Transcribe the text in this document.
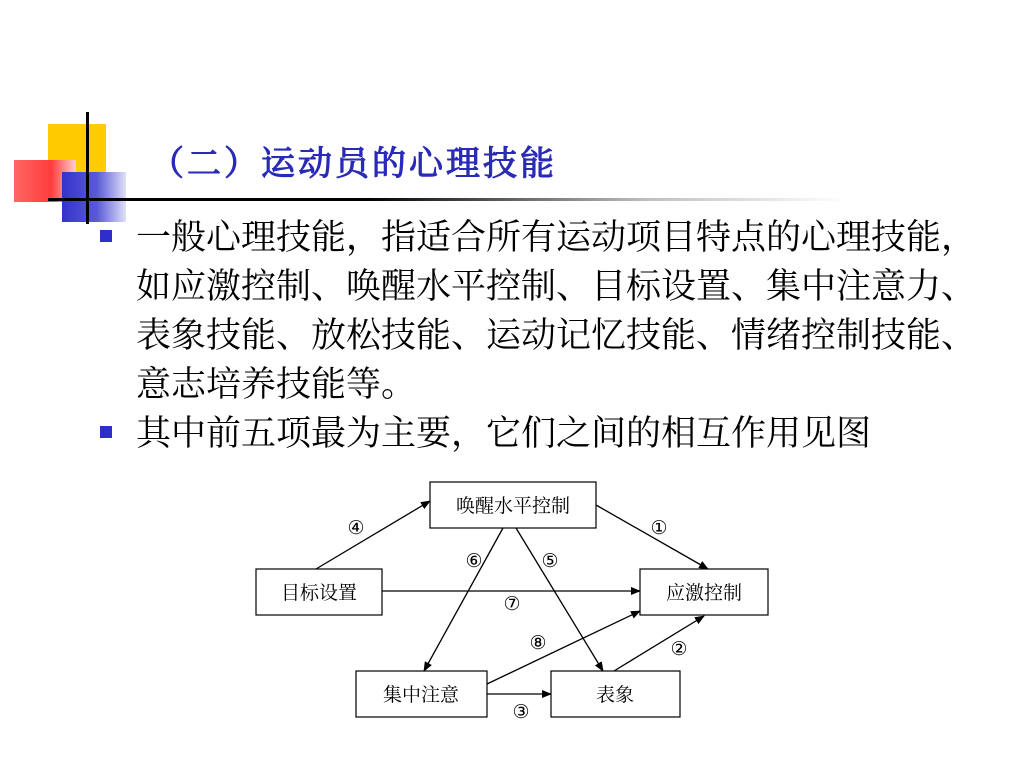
（二）运动员的心理技能
一般心理技能，指适合所有运动项目特点的心理技能，如应激控制、唤醒水平控制、目标设置、集中注意力、表象技能、放松技能、运动记忆技能、情绪控制技能、意志培养技能等。
其中前五项最为主要，它们之间的相互作用见图
唤醒水平控制
目标设置	应激控制
集中注意	表象
④	①
⑥	⑤
⑦
⑧	②
③
